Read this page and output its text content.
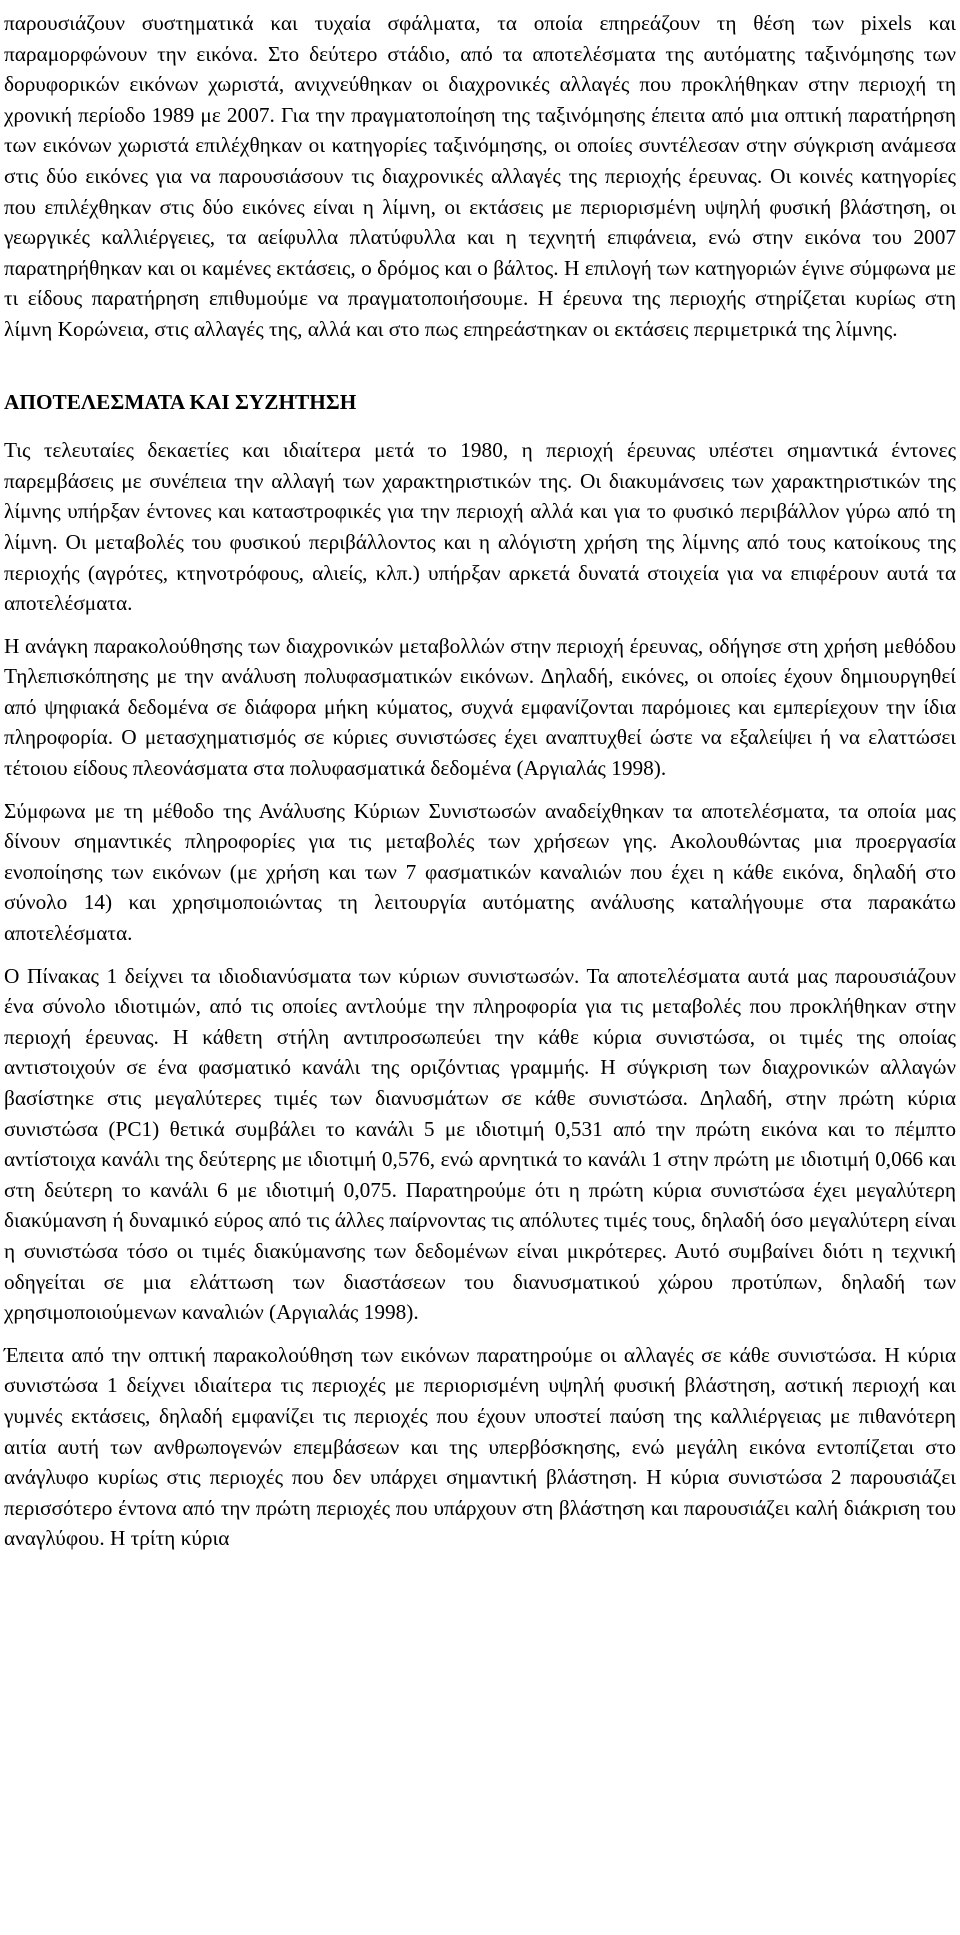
παρουσιάζουν συστηματικά και τυχαία σφάλματα, τα οποία επηρεάζουν τη θέση των pixels και παραμορφώνουν την εικόνα. Στο δεύτερο στάδιο, από τα αποτελέσματα της αυτόματης ταξινόμησης των δορυφορικών εικόνων χωριστά, ανιχνεύθηκαν οι διαχρονικές αλλαγές που προκλήθηκαν στην περιοχή τη χρονική περίοδο 1989 με 2007. Για την πραγματοποίηση της ταξινόμησης έπειτα από μια οπτική παρατήρηση των εικόνων χωριστά επιλέχθηκαν οι κατηγορίες ταξινόμησης, οι οποίες συντέλεσαν στην σύγκριση ανάμεσα στις δύο εικόνες για να παρουσιάσουν τις διαχρονικές αλλαγές της περιοχής έρευνας. Οι κοινές κατηγορίες που επιλέχθηκαν στις δύο εικόνες είναι η λίμνη, οι εκτάσεις με περιορισμένη υψηλή φυσική βλάστηση, οι γεωργικές καλλιέργειες, τα αείφυλλα πλατύφυλλα και η τεχνητή επιφάνεια, ενώ στην εικόνα του 2007 παρατηρήθηκαν και οι καμένες εκτάσεις, ο δρόμος και ο βάλτος. Η επιλογή των κατηγοριών έγινε σύμφωνα με τι είδους παρατήρηση επιθυμούμε να πραγματοποιήσουμε. Η έρευνα της περιοχής στηρίζεται κυρίως στη λίμνη Κορώνεια, στις αλλαγές της, αλλά και στο πως επηρεάστηκαν οι εκτάσεις περιμετρικά της λίμνης.

ΑΠΟΤΕΛΕΣΜΑΤΑ ΚΑΙ ΣΥΖΗΤΗΣΗ

Τις τελευταίες δεκαετίες και ιδιαίτερα μετά το 1980, η περιοχή έρευνας υπέστει σημαντικά έντονες παρεμβάσεις με συνέπεια την αλλαγή των χαρακτηριστικών της. Οι διακυμάνσεις των χαρακτηριστικών της λίμνης υπήρξαν έντονες και καταστροφικές για την περιοχή αλλά και για το φυσικό περιβάλλον γύρω από τη λίμνη. Οι μεταβολές του φυσικού περιβάλλοντος και η αλόγιστη χρήση της λίμνης από τους κατοίκους της περιοχής (αγρότες, κτηνοτρόφους, αλιείς, κλπ.) υπήρξαν αρκετά δυνατά στοιχεία για να επιφέρουν αυτά τα αποτελέσματα.

Η ανάγκη παρακολούθησης των διαχρονικών μεταβολλών στην περιοχή έρευνας, οδήγησε στη χρήση μεθόδου Τηλεπισκόπησης με την ανάλυση πολυφασματικών εικόνων. Δηλαδή, εικόνες, οι οποίες έχουν δημιουργηθεί από ψηφιακά δεδομένα σε διάφορα μήκη κύματος, συχνά εμφανίζονται παρόμοιες και εμπερίεχουν την ίδια πληροφορία. Ο μετασχηματισμός σε κύριες συνιστώσες έχει αναπτυχθεί ώστε να εξαλείψει ή να ελαττώσει τέτοιου είδους πλεονάσματα στα πολυφασματικά δεδομένα (Αργιαλάς 1998).

Σύμφωνα με τη μέθοδο της Ανάλυσης Κύριων Συνιστωσών αναδείχθηκαν τα αποτελέσματα, τα οποία μας δίνουν σημαντικές πληροφορίες για τις μεταβολές των χρήσεων γης. Ακολουθώντας μια προεργασία ενοποίησης των εικόνων (με χρήση και των 7 φασματικών καναλιών που έχει η κάθε εικόνα, δηλαδή στο σύνολο 14) και χρησιμοποιώντας τη λειτουργία αυτόματης ανάλυσης καταλήγουμε στα παρακάτω αποτελέσματα.

Ο Πίνακας 1 δείχνει τα ιδιοδιανύσματα των κύριων συνιστωσών. Τα αποτελέσματα αυτά μας παρουσιάζουν ένα σύνολο ιδιοτιμών, από τις οποίες αντλούμε την πληροφορία για τις μεταβολές που προκλήθηκαν στην περιοχή έρευνας. Η κάθετη στήλη αντιπροσωπεύει την κάθε κύρια συνιστώσα, οι τιμές της οποίας αντιστοιχούν σε ένα φασματικό κανάλι της οριζόντιας γραμμής. Η σύγκριση των διαχρονικών αλλαγών βασίστηκε στις μεγαλύτερες τιμές των διανυσμάτων σε κάθε συνιστώσα. Δηλαδή, στην πρώτη κύρια συνιστώσα (PC1) θετικά συμβάλει το κανάλι 5 με ιδιοτιμή 0,531 από την πρώτη εικόνα και το πέμπτο αντίστοιχα κανάλι της δεύτερης με ιδιοτιμή 0,576, ενώ αρνητικά το κανάλι 1 στην πρώτη με ιδιοτιμή 0,066 και στη δεύτερη το κανάλι 6 με ιδιοτιμή 0,075. Παρατηρούμε ότι η πρώτη κύρια συνιστώσα έχει μεγαλύτερη διακύμανση ή δυναμικό εύρος από τις άλλες παίρνοντας τις απόλυτες τιμές τους, δηλαδή όσο μεγαλύτερη είναι η συνιστώσα τόσο οι τιμές διακύμανσης των δεδομένων είναι μικρότερες. Αυτό συμβαίνει διότι η τεχνική οδηγείται σε μια ελάττωση των διαστάσεων του διανυσματικού χώρου προτύπων, δηλαδή των χρησιμοποιούμενων καναλιών (Αργιαλάς 1998).

Έπειτα από την οπτική παρακολούθηση των εικόνων παρατηρούμε οι αλλαγές σε κάθε συνιστώσα. Η κύρια συνιστώσα 1 δείχνει ιδιαίτερα τις περιοχές με περιορισμένη υψηλή φυσική βλάστηση, αστική περιοχή και γυμνές εκτάσεις, δηλαδή εμφανίζει τις περιοχές που έχουν υποστεί παύση της καλλιέργειας με πιθανότερη αιτία αυτή των ανθρωπογενών επεμβάσεων και της υπερβόσκησης, ενώ μεγάλη εικόνα εντοπίζεται στο ανάγλυφο κυρίως στις περιοχές που δεν υπάρχει σημαντική βλάστηση. Η κύρια συνιστώσα 2 παρουσιάζει περισσότερο έντονα από την πρώτη περιοχές που υπάρχουν στη βλάστηση και παρουσιάζει καλή διάκριση του αναγλύφου. Η τρίτη κύρια
